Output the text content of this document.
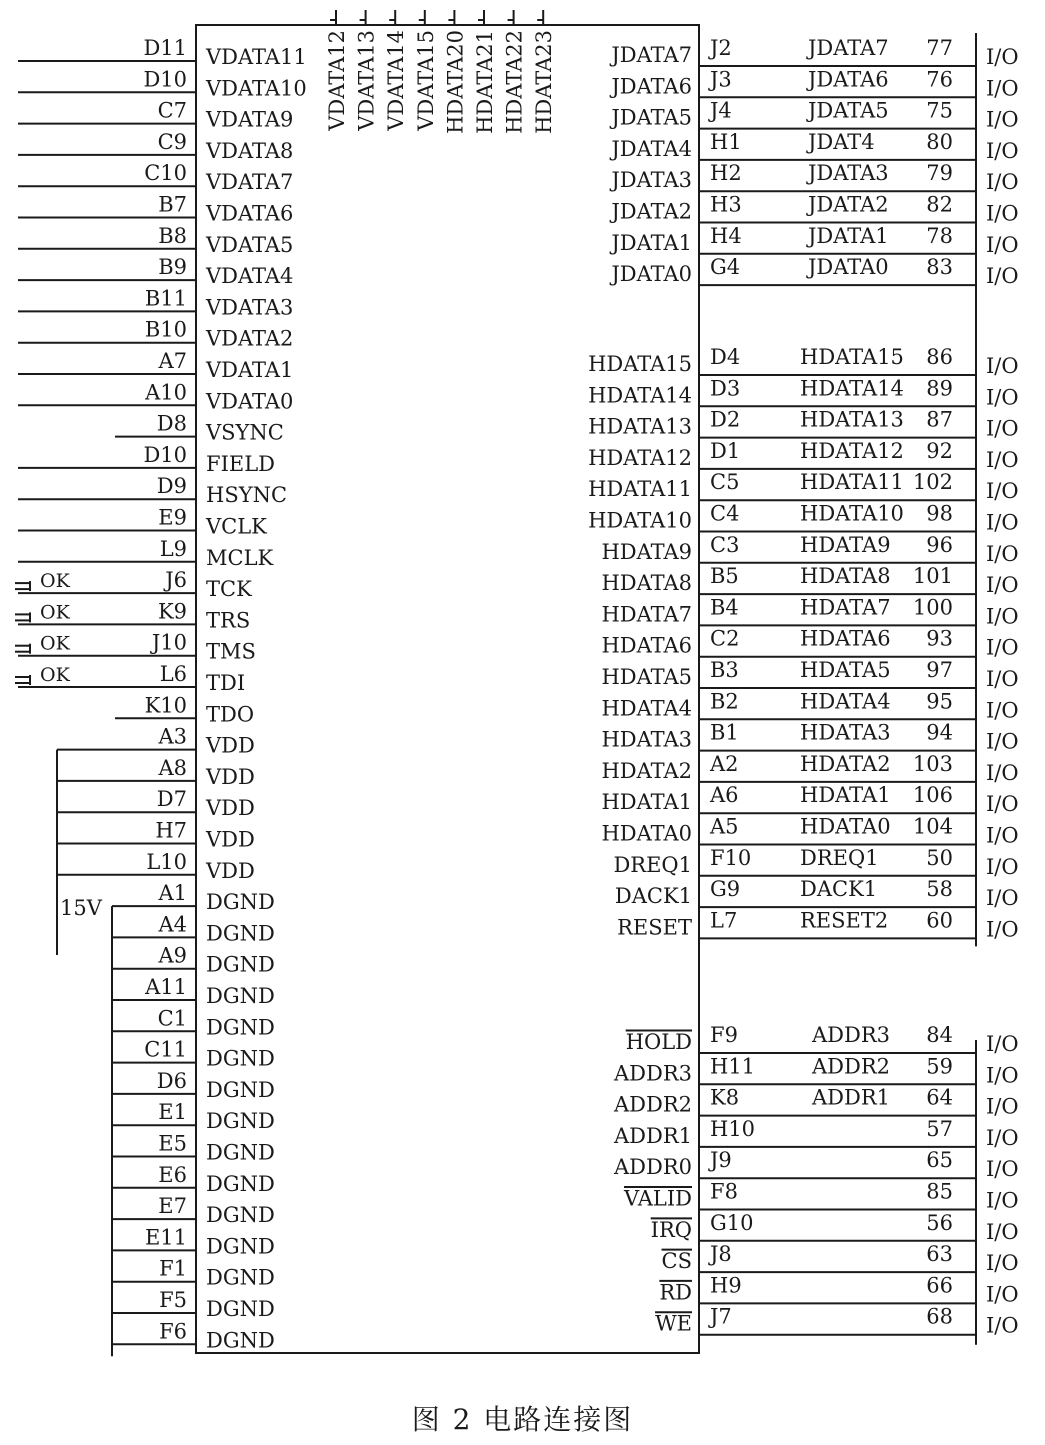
VDATA12 VDATA13 VDATA14 VDATA15 HDATA20 HDATA21 HDATA22 HDATA23
D11 VDATA11
D10 VDATA10
C7 VDATA9
C9 VDATA8
C10 VDATA7
B7 VDATA6
B8 VDATA5
B9 VDATA4
B11 VDATA3
B10 VDATA2
A7 VDATA1
A10 VDATA0
D8 VSYNC
D10 FIELD
D9 HSYNC
E9 VCLK
L9 MCLK
J6 TCK
OK
K9 TRS
OK
J10 TMS
OK
L6 TDI
OK
K10 TDO
A3 VDD
A8 VDD
D7 VDD
H7 VDD
L10 VDD
A1 DGND
A4 DGND
A9 DGND
A11 DGND
C1 DGND
C11 DGND
D6 DGND
E1 DGND
E5 DGND
E6 DGND
E7 DGND
E11 DGND
F1 DGND
F5 DGND
F6 DGND
15V
JDATA7 J2	JDATA7 77 I/O
JDATA6 J3	JDATA6 76 I/O
JDATA5 J4	JDATA5 75 I/O
JDATA4 H1	JDAT4 80 I/O
JDATA3 H2	JDATA3 79 I/O
JDATA2 H3	JDATA2 82 I/O
JDATA1 H4	JDATA1 78 I/O
JDATA0 G4	JDATA0 83 I/O
HDATA15 D4	HDATA15 86 I/O
HDATA14 D3	HDATA14 89 I/O
HDATA13 D2	HDATA13 87 I/O
HDATA12 D1	HDATA12 92 I/O
HDATA11 C5	HDATA11 102 I/O
HDATA10 C4	HDATA10 98 I/O
HDATA9 C3	HDATA9 96 I/O
HDATA8 B5	HDATA8 101 I/O
HDATA7 B4	HDATA7 100 I/O
HDATA6 C2	HDATA6 93 I/O
HDATA5 B3	HDATA5 97 I/O
HDATA4 B2	HDATA4 95 I/O
HDATA3 B1	HDATA3 94 I/O
HDATA2 A2	HDATA2 103 I/O
HDATA1 A6	HDATA1 106 I/O
HDATA0 A5	HDATA0 104 I/O
DREQ1 F10 DREQ1 50 I/O
DACK1 G9	DACK1 58 I/O
RESET L7	RESET2 60 I/O
HOLD F9	ADDR3 84 I/O
ADDR3 H11	ADDR2 59 I/O
ADDR2 K8	ADDR1 64 I/O
ADDR1 H10	57 I/O
ADDR0 J9	65 I/O
VALID F8	85 I/O
IRQ G10	56 I/O
CS J8	63 I/O
RD H9	66 I/O
WE J7	68 I/O
图 2 电路连接图
